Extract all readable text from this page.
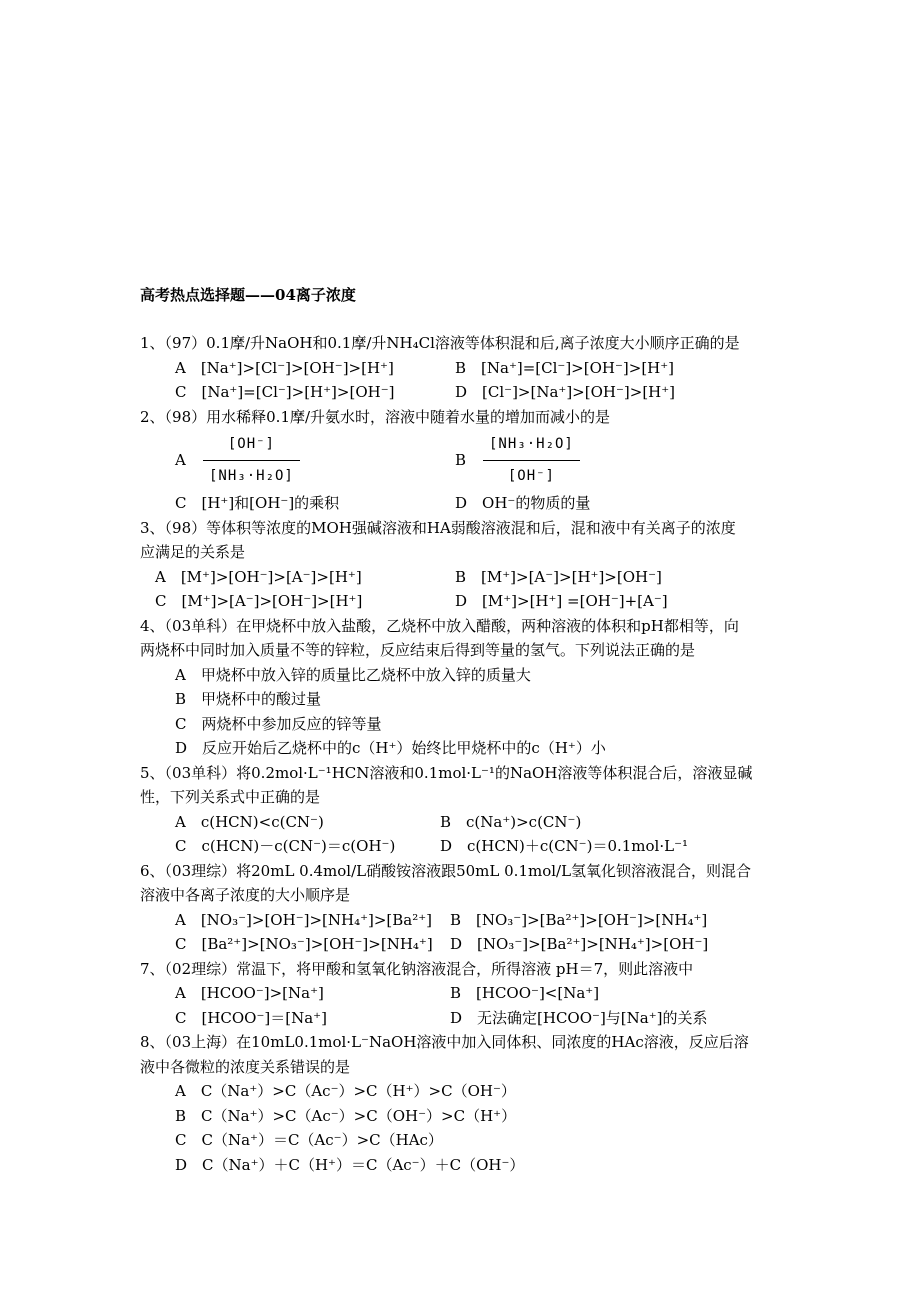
高考热点选择题——04离子浓度
1、（97）0.1摩/升NaOH和0.1摩/升NH₄Cl溶液等体积混和后,离子浓度大小顺序正确的是
A　[Na⁺]>[Cl⁻]>[OH⁻]>[H⁺]	B　[Na⁺]=[Cl⁻]>[OH⁻]>[H⁺]
C　[Na⁺]=[Cl⁻]>[H⁺]>[OH⁻]	D　[Cl⁻]>[Na⁺]>[OH⁻]>[H⁺]
2、（98）用水稀释0.1摩/升氨水时，溶液中随着水量的增加而减小的是
A	$\frac{[OH^-]}{\text{[NH₃·H₂O]}}$	B	$\frac{\text{[NH₃·H₂O]}}{[OH^-]}$
C　[H⁺]和[OH⁻]的乘积	D　OH⁻的物质的量
3、（98）等体积等浓度的MOH强碱溶液和HA弱酸溶液混和后，混和液中有关离子的浓度
应满足的关系是
A　[M⁺]>[OH⁻]>[A⁻]>[H⁺]	B　[M⁺]>[A⁻]>[H⁺]>[OH⁻]
C　[M⁺]>[A⁻]>[OH⁻]>[H⁺]	D　[M⁺]>[H⁺] =[OH⁻]+[A⁻]
4、（03单科）在甲烧杯中放入盐酸，乙烧杯中放入醋酸，两种溶液的体积和pH都相等，向
两烧杯中同时加入质量不等的锌粒，反应结束后得到等量的氢气。下列说法正确的是
A　甲烧杯中放入锌的质量比乙烧杯中放入锌的质量大
B　甲烧杯中的酸过量
C　两烧杯中参加反应的锌等量
D　反应开始后乙烧杯中的c（H⁺）始终比甲烧杯中的c（H⁺）小
5、（03单科）将0.2mol·L⁻¹HCN溶液和0.1mol·L⁻¹的NaOH溶液等体积混合后，溶液显碱
性，下列关系式中正确的是
A　c(HCN)<c(CN⁻)	B　c(Na⁺)>c(CN⁻)
C　c(HCN)－c(CN⁻)＝c(OH⁻)	D　c(HCN)＋c(CN⁻)＝0.1mol·L⁻¹
6、（03理综）将20mL 0.4mol/L硝酸铵溶液跟50mL 0.1mol/L氢氧化钡溶液混合，则混合
溶液中各离子浓度的大小顺序是
A　[NO₃⁻]>[OH⁻]>[NH₄⁺]>[Ba²⁺]	B　[NO₃⁻]>[Ba²⁺]>[OH⁻]>[NH₄⁺]
C　[Ba²⁺]>[NO₃⁻]>[OH⁻]>[NH₄⁺]	D　[NO₃⁻]>[Ba²⁺]>[NH₄⁺]>[OH⁻]
7、（02理综）常温下，将甲酸和氢氧化钠溶液混合，所得溶液 pH＝7，则此溶液中
A　[HCOO⁻]>[Na⁺]	B　[HCOO⁻]<[Na⁺]
C　[HCOO⁻]＝[Na⁺]	D　无法确定[HCOO⁻]与[Na⁺]的关系
8、（03上海）在10mL0.1mol·L⁻NaOH溶液中加入同体积、同浓度的HAc溶液，反应后溶
液中各微粒的浓度关系错误的是
A　C（Na⁺）>C（Ac⁻）>C（H⁺）>C（OH⁻）
B　C（Na⁺）>C（Ac⁻）>C（OH⁻）>C（H⁺）
C　C（Na⁺）＝C（Ac⁻）>C（HAc）
D　C（Na⁺）＋C（H⁺）＝C（Ac⁻）＋C（OH⁻）
